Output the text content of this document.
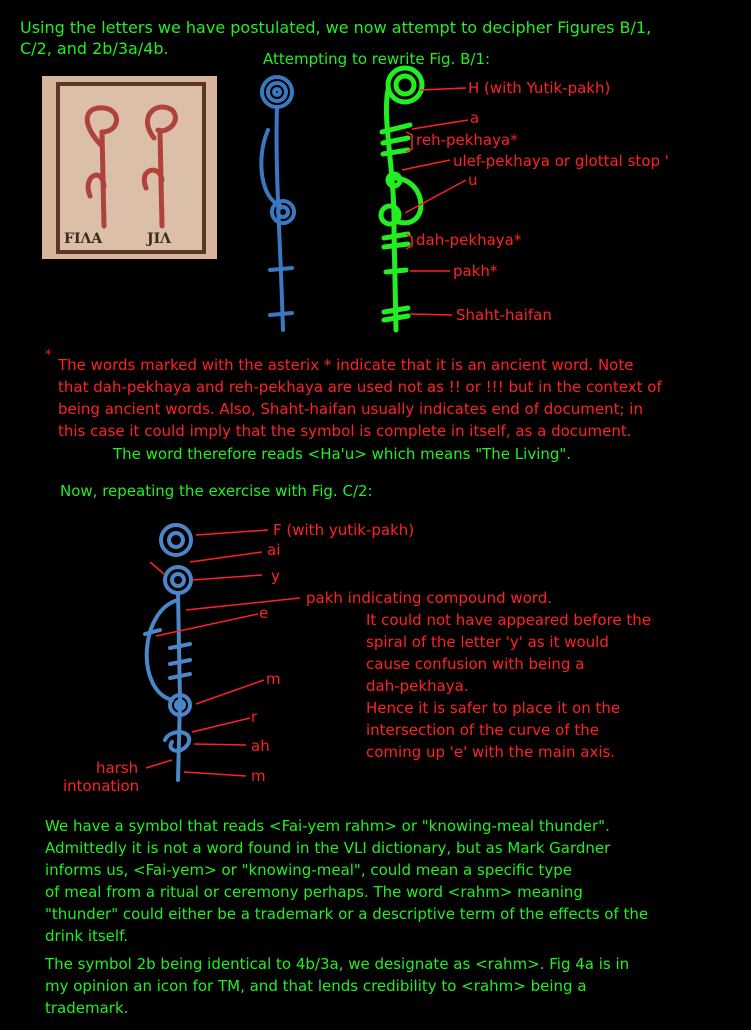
Using the letters we have postulated, we now attempt to decipher Figures B/1,
C/2, and 2b/3a/4b.
Attempting to rewrite Fig. B/1:
FIΛA	JIΛ
H (with Yutik-pakh)
a
reh-pekhaya*
ulef-pekhaya or glottal stop '
u
dah-pekhaya*
pakh*
Shaht-haifan
*
The words marked with the asterix * indicate that it is an ancient word. Note
that dah-pekhaya and reh-pekhaya are used not as !! or !!! but in the context of
being ancient words. Also, Shaht-haifan usually indicates end of document; in
this case it could imply that the symbol is complete in itself, as a document.
The word therefore reads <Ha'u> which means "The Living".
Now, repeating the exercise with Fig. C/2:
F (with yutik-pakh)
ai
y
pakh indicating compound word.
e
m
r
ah
m
harsh
intonation
It could not have appeared before the
spiral of the letter 'y' as it would
cause confusion with being a
dah-pekhaya.
Hence it is safer to place it on the
intersection of the curve of the
coming up 'e' with the main axis.
We have a symbol that reads <Fai-yem rahm> or "knowing-meal thunder".
Admittedly it is not a word found in the VLI dictionary, but as Mark Gardner
informs us, <Fai-yem> or "knowing-meal", could mean a specific type
of meal from a ritual or ceremony perhaps. The word <rahm> meaning
"thunder" could either be a trademark or a descriptive term of the effects of the
drink itself.
The symbol 2b being identical to 4b/3a, we designate as <rahm>. Fig 4a is in
my opinion an icon for TM, and that lends credibility to <rahm> being a
trademark.
